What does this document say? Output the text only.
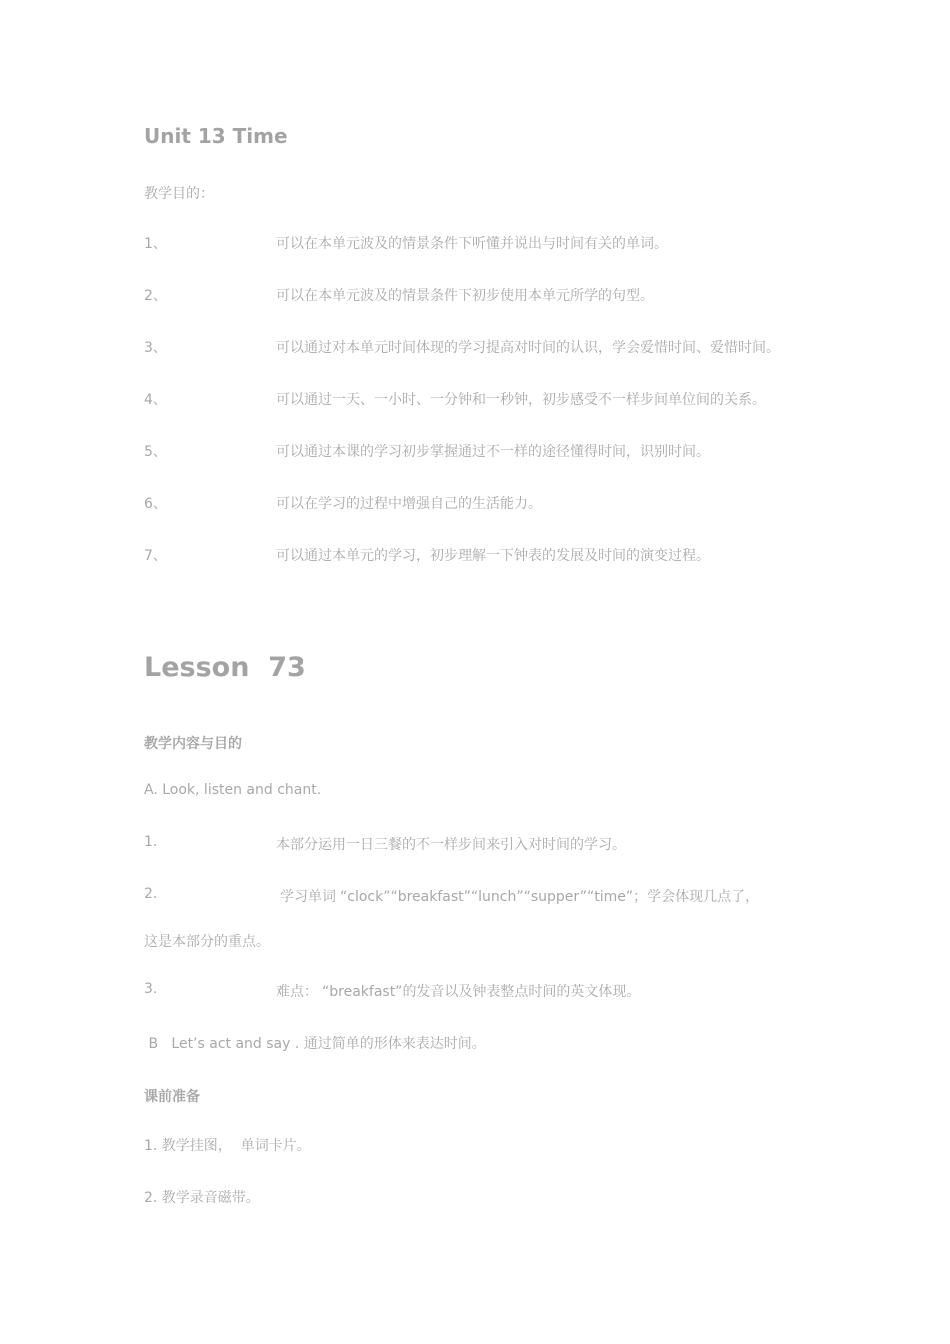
Unit 13 Time
教学目的：
1、	可以在本单元波及的情景条件下听懂并说出与时间有关的单词。
2、	可以在本单元波及的情景条件下初步使用本单元所学的句型。
3、	可以通过对本单元时间体现的学习提高对时间的认识，学会爱惜时间、爱惜时间。
4、	可以通过一天、一小时、一分钟和一秒钟，初步感受不一样步间单位间的关系。
5、	可以通过本课的学习初步掌握通过不一样的途径懂得时间，识别时间。
6、	可以在学习的过程中增强自己的生活能力。
7、	可以通过本单元的学习，初步理解一下钟表的发展及时间的演变过程。
Lesson  73
教学内容与目的
A. Look, listen and chant.
1.	本部分运用一日三餐的不一样步间来引入对时间的学习。
2.	学习单词 “clock”“breakfast”“lunch”“supper”“time”；学会体现几点了，
这是本部分的重点。
3.	难点： “breakfast”的发音以及钟表整点时间的英文体现。
B   Let’s act and say . 通过简单的形体来表达时间。
课前准备
1. 教学挂图，  单词卡片。
2. 教学录音磁带。
